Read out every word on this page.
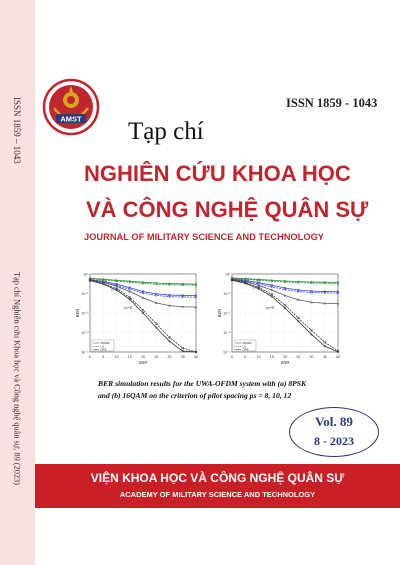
ISSN 1859 – 1043
Tạp chí Nghiên cứu Khoa học và Công nghệ quân sự, 89 (2023)
AMST
ISSN 1859 - 1043
Tạp chí
NGHIÊN CỨU KHOA HỌC
VÀ CÔNG NGHỆ QUÂN SỰ
JOURNAL OF MILITARY SCIENCE AND TECHNOLOGY
0	5	10	15	20	25	30	35	40
10⁰
10⁻¹
10⁻²
10⁻³
10⁻⁴
SNR
BER
ps=12
ps=10
ps=8
MMSE
LS
DPE
0	5	10	15	20	25	30	35	40
10⁰
10⁻¹
10⁻²
10⁻³
10⁻⁴
SNR
BER
ps=12
ps=10
ps=8
MMSE
LS
DPE
BER simulation results for the UWA-OFDM system with (a) 8PSK
and (b) 16QAM on the criterion of pilot spacing ps = 8, 10, 12
Vol. 89
8 - 2023
VIỆN KHOA HỌC VÀ CÔNG NGHỆ QUÂN SỰ
ACADEMY OF MILITARY SCIENCE AND TECHNOLOGY
